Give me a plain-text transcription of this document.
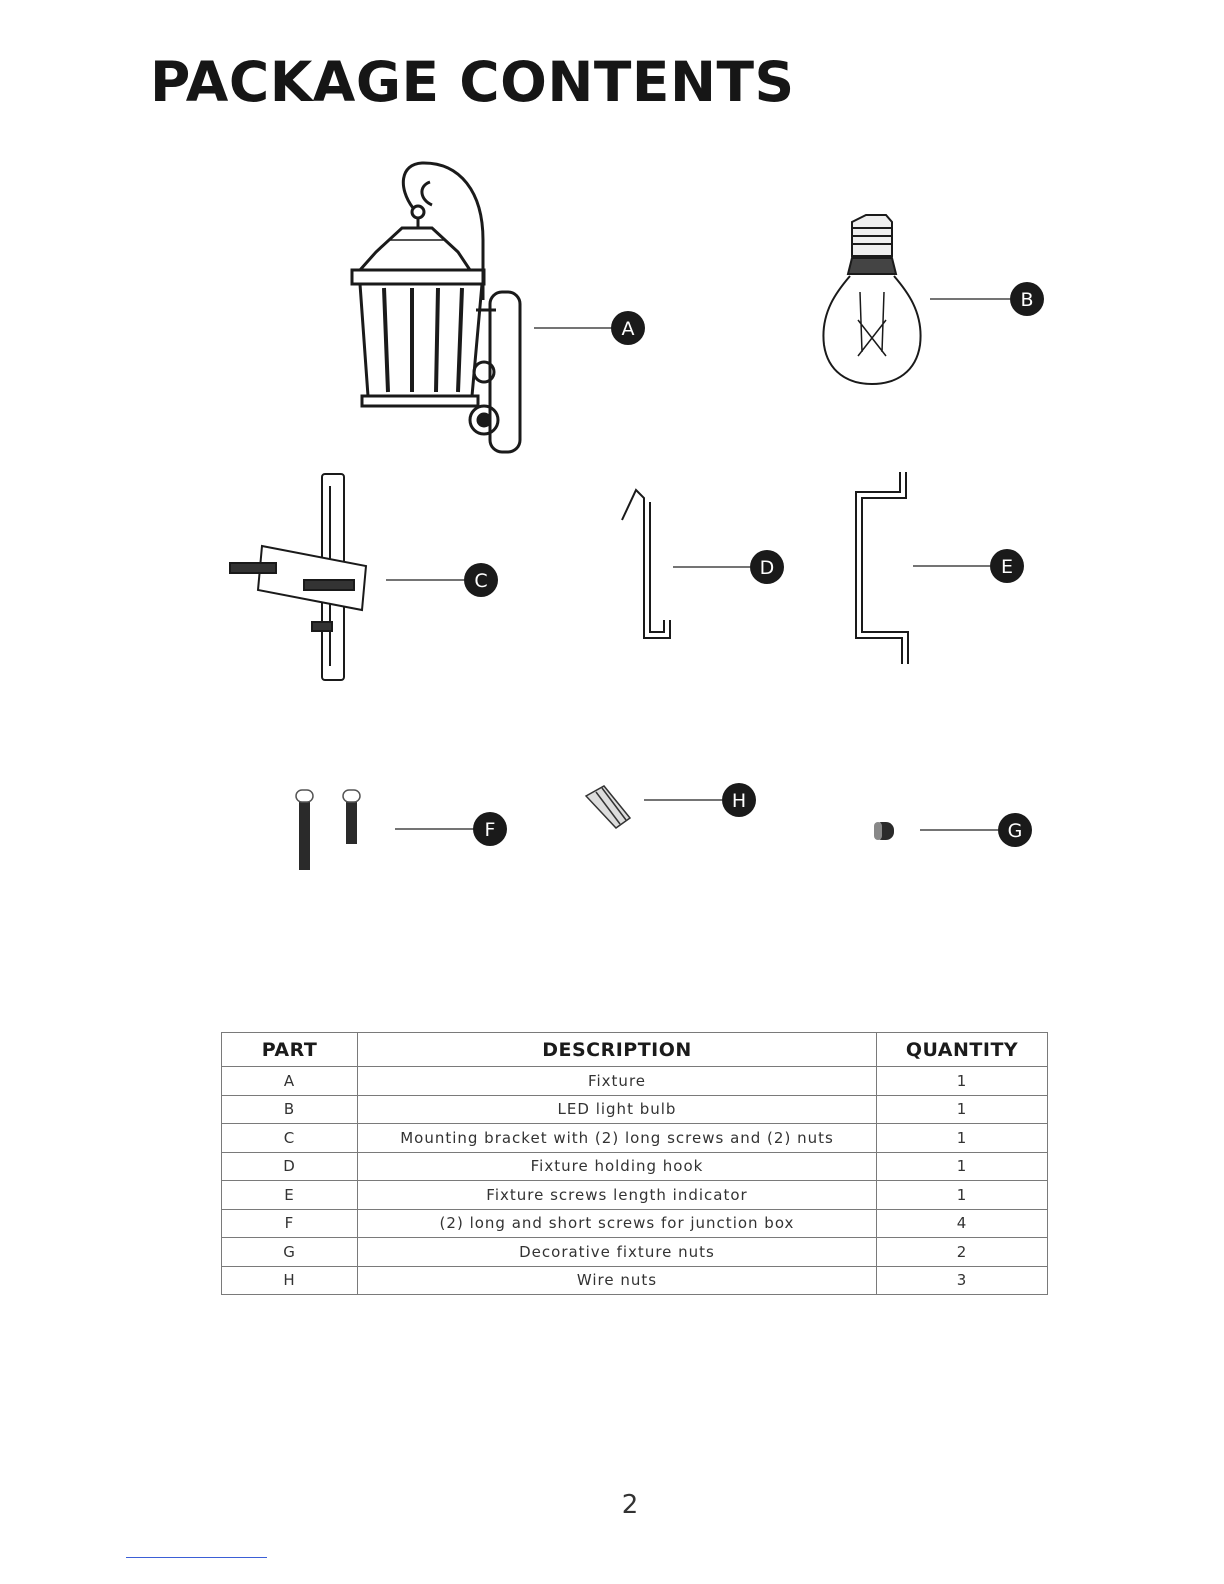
PACKAGE CONTENTS
A
B
C
D	E
F
H
G
PART	DESCRIPTION	QUANTITY
A	Fixture	1
B	LED light bulb	1
C	Mounting bracket with (2) long screws and (2) nuts	1
D	Fixture holding hook	1
E	Fixture screws length indicator	1
F	(2) long and short screws for junction box	4
G	Decorative fixture nuts	2
H	Wire nuts	3
2
